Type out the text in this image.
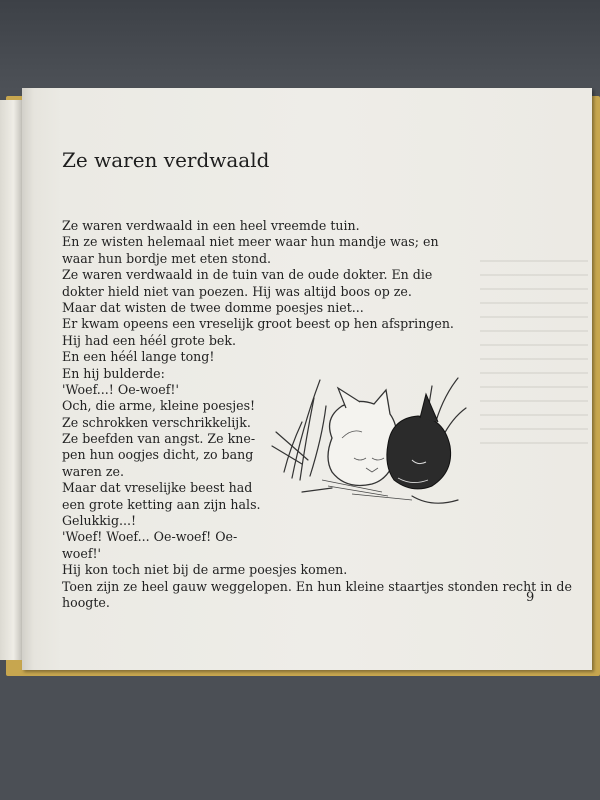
Ze waren verdwaald
Ze waren verdwaald in een heel vreemde tuin.
En ze wisten helemaal niet meer waar hun mandje was; en
waar hun bordje met eten stond.
Ze waren verdwaald in de tuin van de oude dokter. En die
dokter hield niet van poezen. Hij was altijd boos op ze.
Maar dat wisten de twee domme poesjes niet...
Er kwam opeens een vreselijk groot beest op hen afspringen.
Hij had een héél grote bek.
En een héél lange tong!
En hij bulderde:
'Woef...! Oe-woef!'
Och, die arme, kleine poesjes!
Ze schrokken verschrikkelijk.
Ze beefden van angst. Ze kne-
pen hun oogjes dicht, zo bang
waren ze.
Maar dat vreselijke beest had
een grote ketting aan zijn hals.
Gelukkig...!
'Woef! Woef... Oe-woef! Oe-
woef!'
Hij kon toch niet bij de arme poesjes komen.
Toen zijn ze heel gauw weggelopen. En hun kleine staartjes stonden recht in de
hoogte.	9
